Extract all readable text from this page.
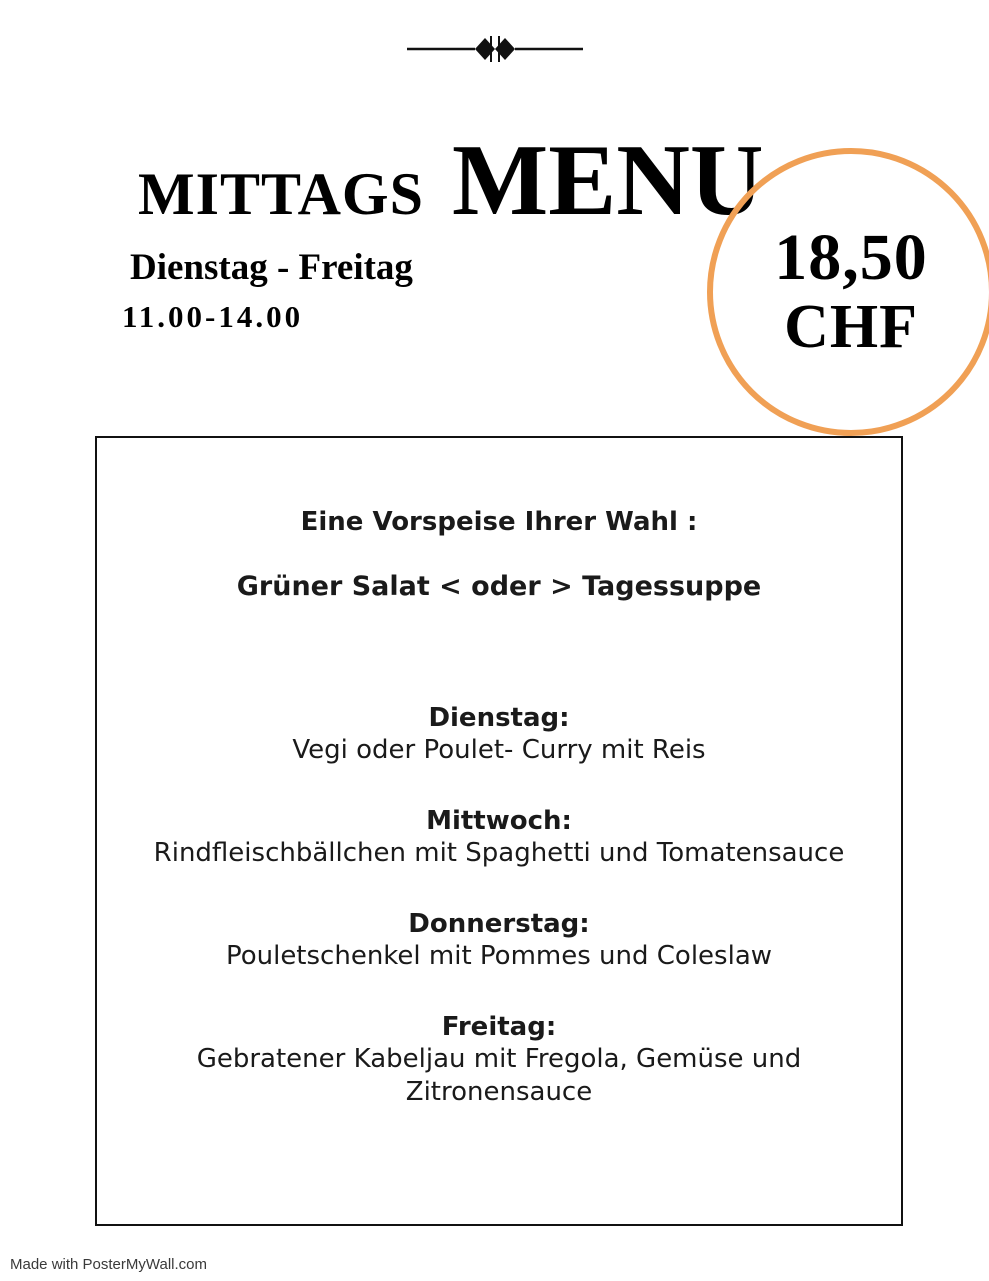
MITTAGS MENU
Dienstag - Freitag
11.00-14.00
18,50
CHF
Eine Vorspeise Ihrer Wahl :
Grüner Salat < oder > Tagessuppe
Dienstag:
Vegi oder Poulet- Curry mit Reis
Mittwoch:
Rindfleischbällchen mit Spaghetti und Tomatensauce
Donnerstag:
Pouletschenkel mit Pommes und Coleslaw
Freitag:
Gebratener Kabeljau mit Fregola, Gemüse und Zitronensauce
Made with PosterMyWall.com
